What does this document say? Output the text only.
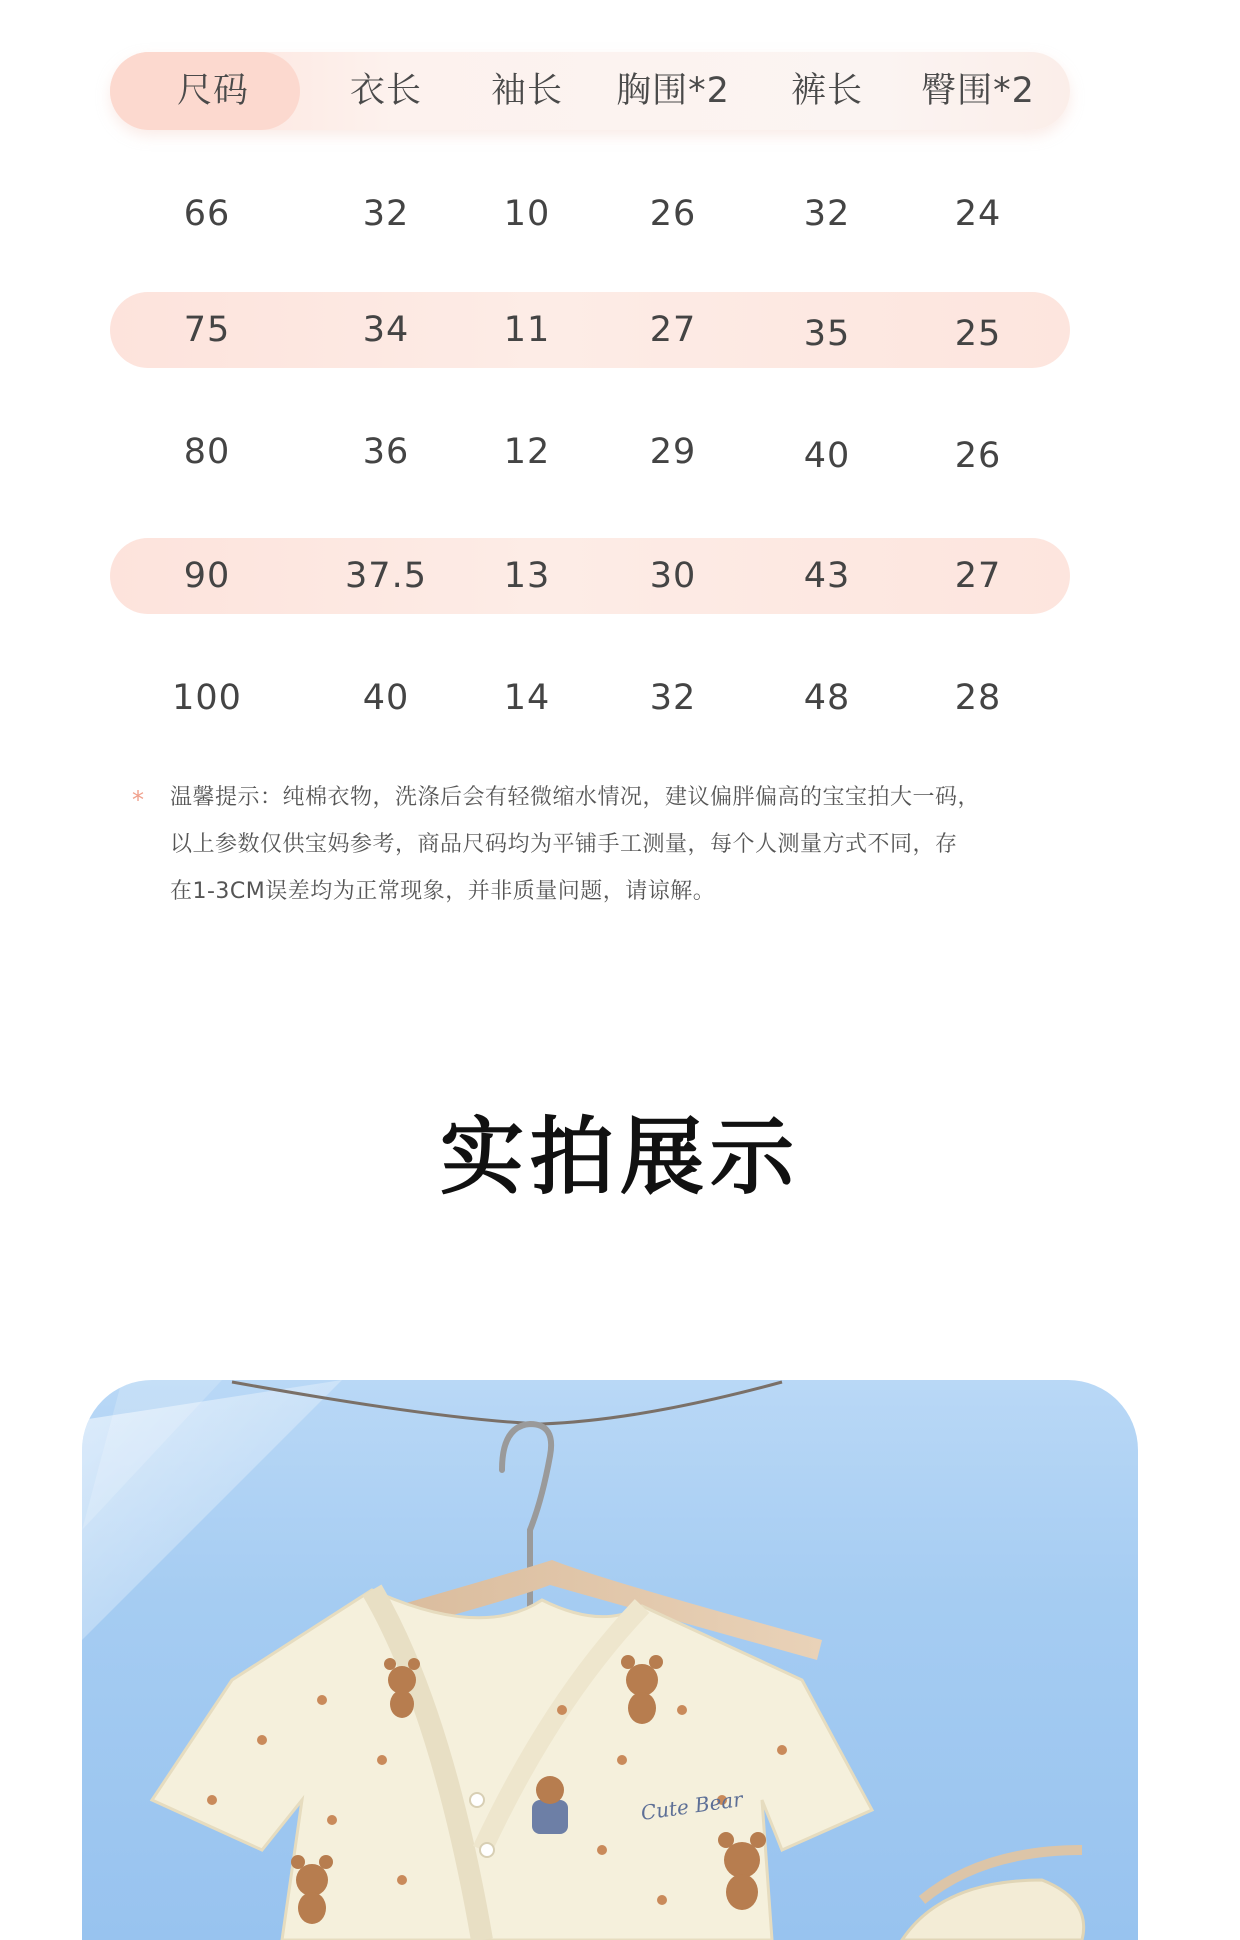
尺码	衣长	袖长	胸围*2	裤长	臀围*2
66	32	10	26	32	24
75	34	11	27	35	25
80	36	12	29	40	26
90	37.5	13	30	43	27
100	40	14	32	48	28
* 温馨提示：纯棉衣物，洗涤后会有轻微缩水情况，建议偏胖偏高的宝宝拍大一码，
以上参数仅供宝妈参考，商品尺码均为平铺手工测量，每个人测量方式不同，存
在1-3CM误差均为正常现象，并非质量问题，请谅解。
实拍展示
Cute Bear
